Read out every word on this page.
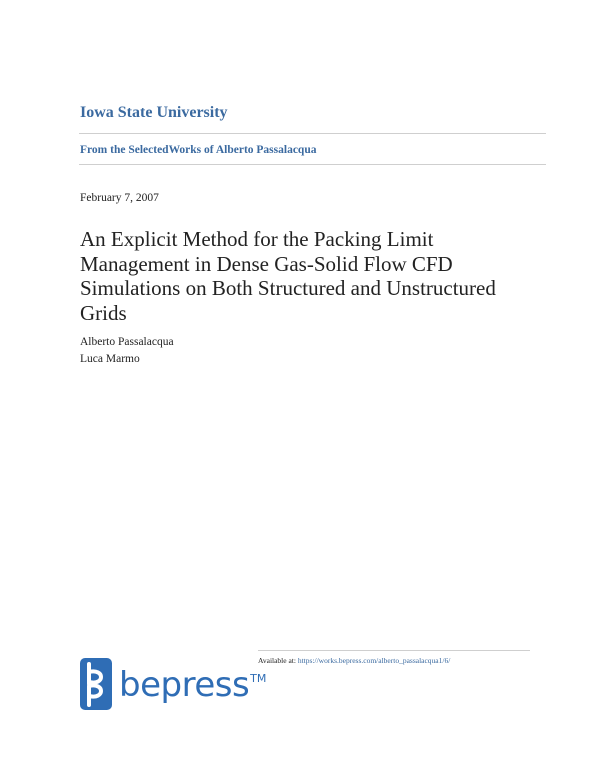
Iowa State University
From the SelectedWorks of Alberto Passalacqua
February 7, 2007
An Explicit Method for the Packing Limit Management in Dense Gas-Solid Flow CFD Simulations on Both Structured and Unstructured Grids
Alberto Passalacqua
Luca Marmo
Available at: https://works.bepress.com/alberto_passalacqua1/6/
bepress TM
